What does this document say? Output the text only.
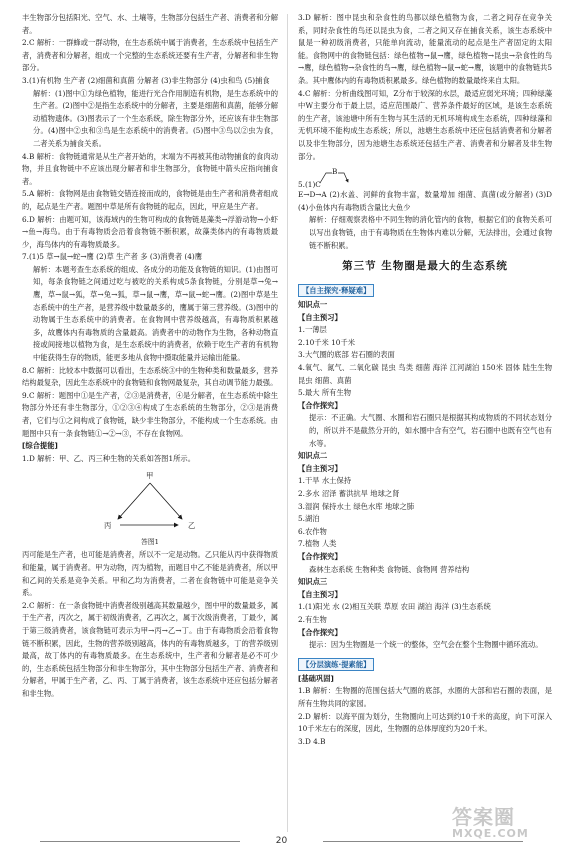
丰生物部分包括阳光、空气、水、土壤等，生物部分包括生产者、消费者和分解者。

2.C 解析：一群蜂或一群动物，在生态系统中属于消费者，生态系统中包括生产者，消费者和分解者，组成一个完整的生态系统还要有生产者，分解者和非生物部分。

3.(1)有机物 生产者 (2)细菌和真菌 分解者 (3)非生物部分 (4)虫和鸟 (5)捕食

解析：(1)图中①为绿色植物，能进行光合作用制造有机物，是生态系统中的生产者。(2)图中②是指生态系统中的分解者，主要是细菌和真菌，能够分解动植物遗体。(3)图表示了一个生态系统，除生物部分外，还应该有非生物部分。(4)图中②虫和③鸟是生态系统中的消费者。(5)图中③鸟以②虫为食，二者关系为捕食关系。

4.B 解析：食物链通常是从生产者开始的，末端为不再被其他动物捕食的食肉动物，并且食物链中不应该出现分解者和非生物部分，食物链中箭头应指向捕食者。

5.A 解析：食物网是由食物链交错连接而成的，食物链是由生产者和消费者组成的，起点是生产者。题图中草是所有食物链的起点，因此，甲应是生产者。

6.D 解析：由题可知，该海域内的生物可构成的食物链是藻类→浮游动物→小虾→鱼→海鸟。由于有毒物质会沿着食物链不断积累，故藻类体内的有毒物质最少，海鸟体内的有毒物质最多。

7.(1)5 草→鼠→蛇→鹰 (2)草 生产者 多 (3)消费者 (4)鹰

解析：本题考查生态系统的组成、各成分的功能及食物链的知识。(1)由图可知，每条食物链之间通过吃与被吃的关系构成5条食物链，分别是草→兔→鹰，草→鼠→狐，草→兔→狐，草→鼠→鹰，草→鼠→蛇→鹰。(2)图中草是生态系统中的生产者，是营养级中数量最多的，鹰属于第三营养级。(3)图中的动物属于生态系统中的消费者。在食物网中营养级越高，有毒物质积累越多，故鹰体内有毒物质的含量最高。消费者中的动物作为生物，各种动物直接或间接地以植物为食，是生态系统中的消费者，依赖于吃生产者的有机物中能获得生存的物质，能更多地从食物中摄取能量并运输出能量。

8.C 解析：比较本中数据可以看出，生态系统③中的生物种类和数量最多，营养结构最复杂，因此生态系统中的食物链和食物网最复杂，其自动调节能力最强。

9.C 解析：题图中①是生产者，②③是消费者，④是分解者，在生态系统中除生物部分外还有非生物部分，①②③④构成了生态系统的生物部分，②③是消费者，它们与①之间构成了食物链，缺少非生物部分，不能构成一个生态系统。由题图中只有一条食物链①→②→③，不存在食物网。

[综合提能]

1.D 解析：甲、乙、丙三种生物的关系如答图1所示。

甲
丙	乙

答图1

丙可能是生产者，也可能是消费者，所以不一定是动物。乙只能从丙中获得物质和能量，属于消费者。甲为动物，丙为植物，而题目中乙不能是消费者，所以甲和乙间的关系是竞争关系。甲和乙均为消费者，二者在食物链中可能是竞争关系。

2.C 解析：在一条食物链中消费者级别越高其数量越少，图中甲的数量最多，属于生产者，丙次之，属于初级消费者，乙再次之，属于次级消费者，丁最少，属于第三级消费者，该食物链可表示为甲→丙→乙→丁。由于有毒物质会沿着食物链不断积累，因此，生物的营养级别越高，体内的有毒物质越多，丁的营养级别最高，故丁体内的有毒物质最多。在生态系统中，生产者和分解者是必不可少的，生态系统包括生物部分和非生物部分，其中生物部分包括生产者、消费者和分解者，甲属于生产者，乙、丙、丁属于消费者，该生态系统中还应包括分解者和非生物。

3.D 解析：图中昆虫和杂食性的鸟都以绿色植物为食，二者之间存在竞争关系，同时杂食性的鸟还以昆虫为食，二者之间又存在捕食关系，该生态系统中鼠是一种初级消费者，只能单向流动，能量流动的起点是生产者固定的太阳能。食物网中的食物链包括：绿色植物→鼠→鹰，绿色植物→昆虫→杂食性的鸟→鹰，绿色植物→杂食性的鸟→鹰，绿色植物→鼠→蛇→鹰，该题中的食物链共5条。其中鹰体内的有毒物质积累最多。绿色植物的数量最终来自太阳。

4.C 解析：分析曲线图可知，Z分布于较深的水层，最适应弱光环境；四种绿藻中W主要分布于最上层，适应范围最广、营养条件最好的区域，是该生态系统的生产者，该池塘中所有生物与其生活的无机环境构成生态系统，四种绿藻和无机环境不能构成生态系统；所以，池塘生态系统中还应包括消费者和分解者以及非生物部分，因为池塘生态系统还包括生产者、消费者和分解者及非生物部分。

B
5.(1)C

E→D→A (2)水盖、河鲜的食物丰富，数量增加 细菌、真菌(或分解者) (3)D (4)小鱼体内有毒物质含量比大鱼少

解析：仔细观察表格中不同生物的消化管内的食物，根据它们的食物关系可以写出食物链，由于有毒物质在生物体内难以分解，无法排出，会通过食物链不断积累。

第三节 生物圈是最大的生态系统
【自主探究·释疑难】

知识点一

【自主预习】

1.一薄层

2.10千米 10千米

3.大气圈的底部 岩石圈的表面

4.氧气、氮气、二氧化碳 昆虫 鸟类 细菌 海洋 江河湖泊 150米 固体 陆生生物 昆虫 细菌、真菌

5.最大 所有生物

【合作探究】

提示：不正确。大气圈、水圈和岩石圈只是根据其构成物质的不同状态划分的，所以并不是截然分开的，如水圈中含有空气，岩石圈中也既有空气也有水等。

知识点二

【自主预习】

1.干旱 水土保持

2.多水 沼泽 蓄洪抗旱 地球之肾

3.湿润 保持水土 绿色水库 地球之肺

5.湖泊

6.农作物

7.植物 人类

【合作探究】

森林生态系统 生物种类 食物链、食物网 营养结构

知识点三

【自主预习】

1.(1)阳光 水 (2)相互关联 草原 农田 湖泊 海洋 (3)生态系统

2.有生物

【合作探究】

提示：因为生物圈是一个统一的整体，空气会在整个生物圈中循环流动。

【分层演练·提素能】

[基础巩固]

1.B 解析：生物圈的范围包括大气圈的底部，水圈的大部和岩石圈的表面，是所有生物共同的家园。

2.D 解析：以海平面为划分，生物圈向上可达到约10千米的高度，向下可深入10千米左右的深度，因此，生物圈的总体厚度约为20千米。

3.D 4.B

20
答案圈
MXQE.COM
